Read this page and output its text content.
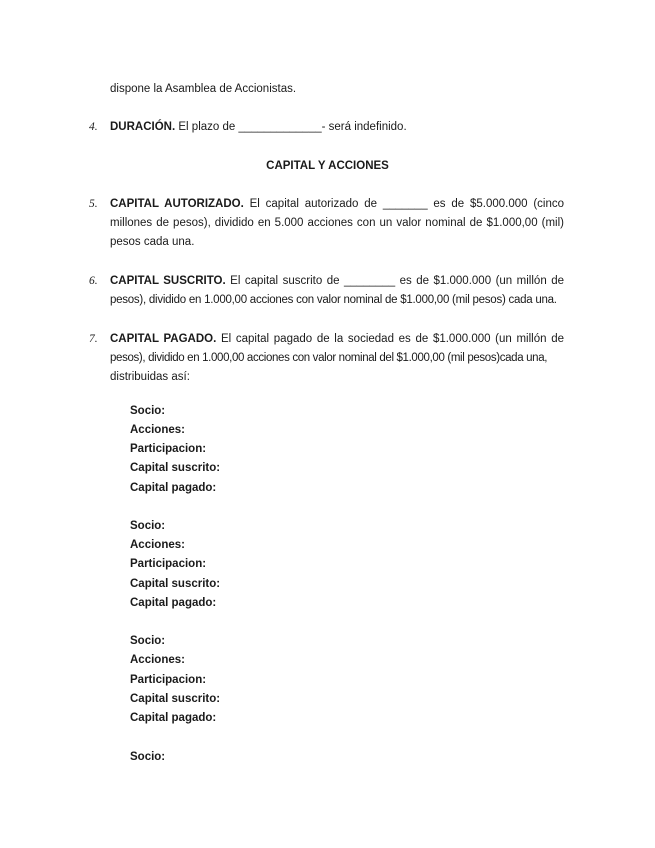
dispone la Asamblea de Accionistas.
4. DURACIÓN. El plazo de _____________- será indefinido.
CAPITAL Y ACCIONES
5. CAPITAL AUTORIZADO. El capital autorizado de _______ es de $5.000.000 (cinco
millones de pesos), dividido en 5.000 acciones con un valor nominal de $1.000,00 (mil)
pesos cada una.
6. CAPITAL SUSCRITO. El capital suscrito de ________ es de $1.000.000 (un millón de
pesos), dividido en 1.000,00 acciones con valor nominal de $1.000,00 (mil pesos) cada una.
7. CAPITAL PAGADO. El capital pagado de la sociedad es de $1.000.000 (un millón de
pesos), dividido en 1.000,00 acciones con valor nominal del $1.000,00 (mil pesos)cada una,
distribuidas así:
Socio:
Acciones:
Participacion:
Capital suscrito:
Capital pagado:
Socio:
Acciones:
Participacion:
Capital suscrito:
Capital pagado:
Socio:
Acciones:
Participacion:
Capital suscrito:
Capital pagado:
Socio:
